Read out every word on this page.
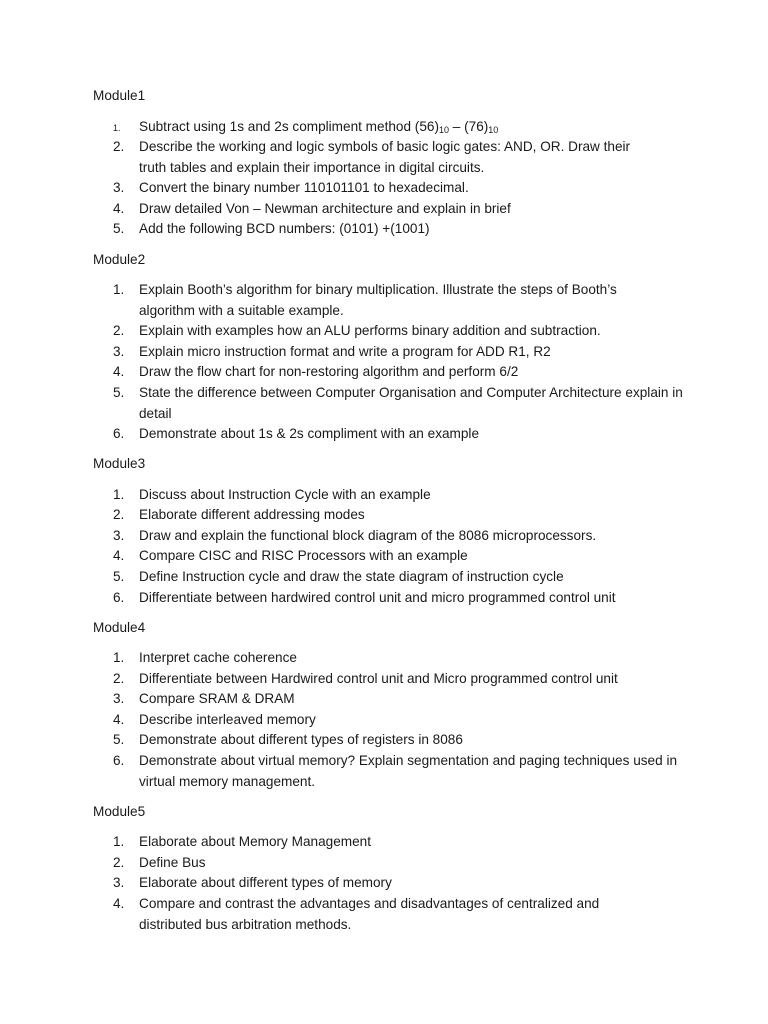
Module1
1.	Subtract using 1s and 2s compliment method $(56)_{10} - (76)_{10}$
2.	Describe the working and logic symbols of basic logic gates: AND, OR. Draw their truth tables and explain their importance in digital circuits.
3.	Convert the binary number 110101101 to hexadecimal.
4.	Draw detailed Von – Newman architecture and explain in brief
5.	Add the following BCD numbers: (0101) +(1001)
Module2
1.	Explain Booth’s algorithm for binary multiplication. Illustrate the steps of Booth’s algorithm with a suitable example.
2.	Explain with examples how an ALU performs binary addition and subtraction.
3.	Explain micro instruction format and write a program for ADD R1, R2
4.	Draw the flow chart for non-restoring algorithm and perform 6/2
5.	State the difference between Computer Organisation and Computer Architecture explain in detail
6.	Demonstrate about 1s & 2s compliment with an example
Module3
1.	Discuss about Instruction Cycle with an example
2.	Elaborate different addressing modes
3.	Draw and explain the functional block diagram of the 8086 microprocessors.
4.	Compare CISC and RISC Processors with an example
5.	Define Instruction cycle and draw the state diagram of instruction cycle
6.	Differentiate between hardwired control unit and micro programmed control unit
Module4
1.	Interpret cache coherence
2.	Differentiate between Hardwired control unit and Micro programmed control unit
3.	Compare SRAM & DRAM
4.	Describe interleaved memory
5.	Demonstrate about different types of registers in 8086
6.	Demonstrate about virtual memory? Explain segmentation and paging techniques used in virtual memory management.
Module5
1.	Elaborate about Memory Management
2.	Define Bus
3.	Elaborate about different types of memory
4.	Compare and contrast the advantages and disadvantages of centralized and distributed bus arbitration methods.
